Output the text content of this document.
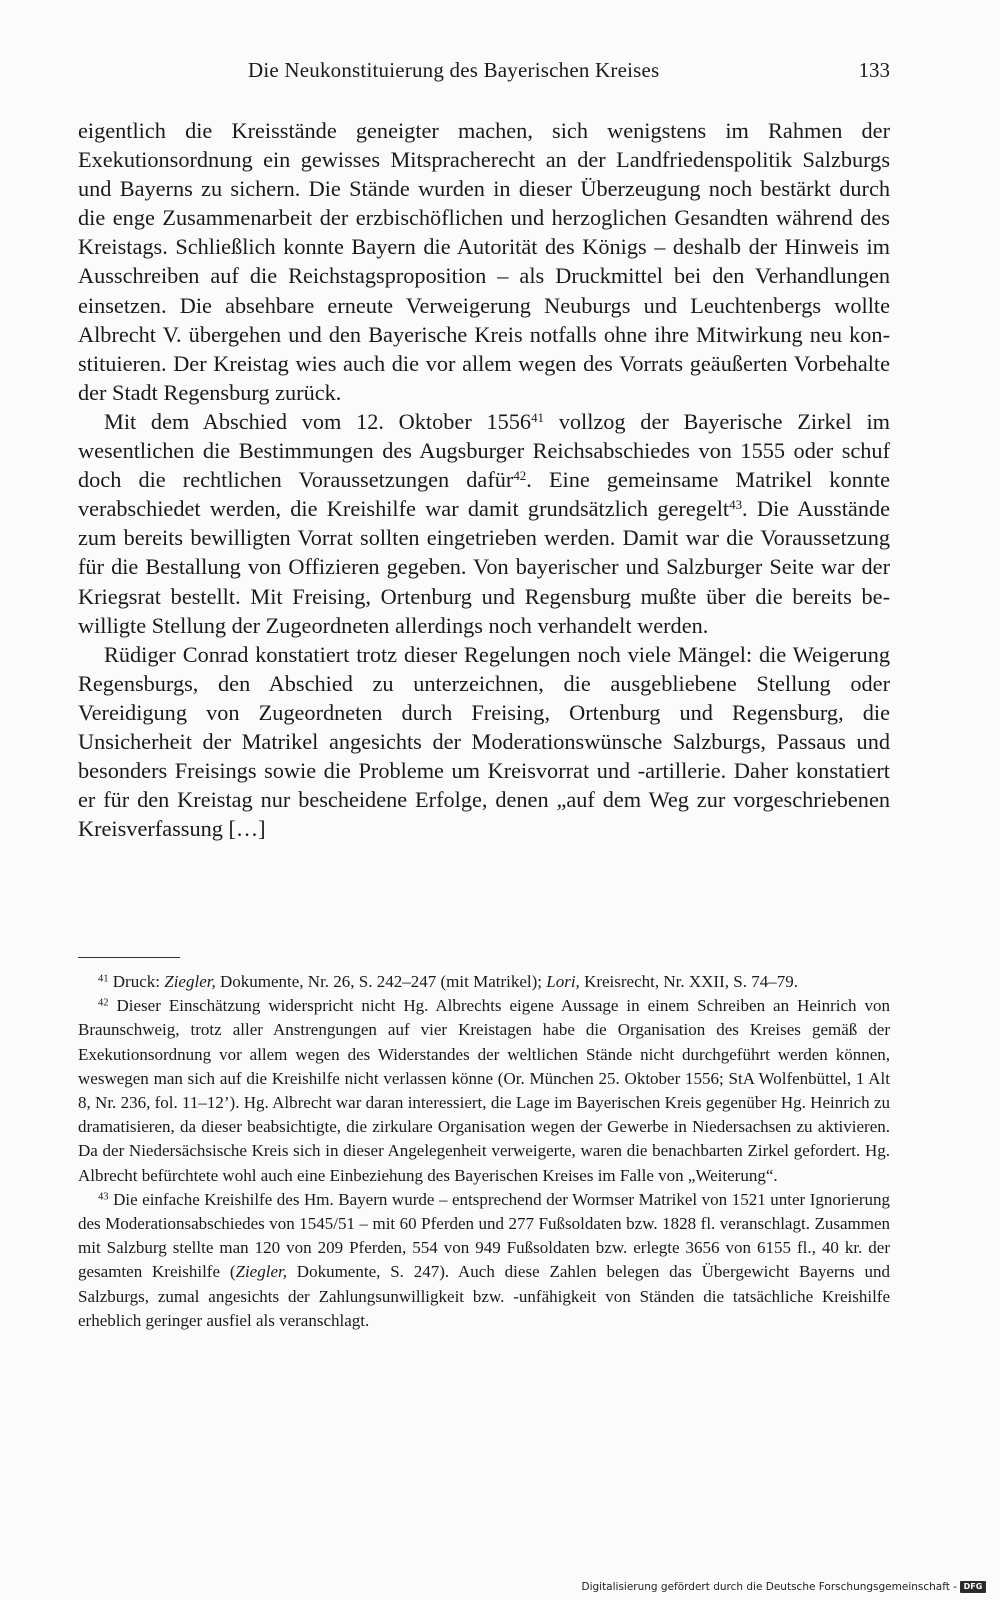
Die Neukonstituierung des Bayerischen Kreises	133

eigentlich die Kreisstände geneigter machen, sich wenigstens im Rahmen der Exekutionsordnung ein gewisses Mitspracherecht an der Landfriedenspolitik Salzburgs und Bayerns zu sichern. Die Stände wurden in dieser Überzeugung noch bestärkt durch die enge Zusammenarbeit der erzbischöflichen und herzoglichen Gesandten während des Kreistags. Schließlich konnte Bayern die Autorität des Königs – deshalb der Hinweis im Ausschreiben auf die Reichstagsproposition – als Druckmittel bei den Verhandlungen einsetzen. Die absehbare erneute Verweigerung Neuburgs und Leuchtenbergs wollte Albrecht V. übergehen und den Bayerische Kreis notfalls ohne ihre Mitwirkung neu konstituieren. Der Kreistag wies auch die vor allem wegen des Vorrats geäußerten Vorbehalte der Stadt Regensburg zurück.

Mit dem Abschied vom 12. Oktober 1556$^{41}$ vollzog der Bayerische Zirkel im wesentlichen die Bestimmungen des Augsburger Reichsabschiedes von 1555 oder schuf doch die rechtlichen Voraussetzungen dafür$^{42}$. Eine gemeinsame Matrikel konnte verabschiedet werden, die Kreishilfe war damit grundsätzlich geregelt$^{43}$. Die Ausstände zum bereits bewilligten Vorrat sollten eingetrieben werden. Damit war die Voraussetzung für die Bestallung von Offizieren gegeben. Von bayerischer und Salzburger Seite war der Kriegsrat bestellt. Mit Freising, Ortenburg und Regensburg mußte über die bereits bewilligte Stellung der Zugeordneten allerdings noch verhandelt werden.

Rüdiger Conrad konstatiert trotz dieser Regelungen noch viele Mängel: die Weigerung Regensburgs, den Abschied zu unterzeichnen, die ausgebliebene Stellung oder Vereidigung von Zugeordneten durch Freising, Ortenburg und Regensburg, die Unsicherheit der Matrikel angesichts der Moderationswünsche Salzburgs, Passaus und besonders Freisings sowie die Probleme um Kreisvorrat und -artillerie. Daher konstatiert er für den Kreistag nur bescheidene Erfolge, denen „auf dem Weg zur vorgeschriebenen Kreisverfassung […]

$^{41}$ Druck: Ziegler, Dokumente, Nr. 26, S. 242–247 (mit Matrikel); Lori, Kreisrecht, Nr. XXII, S. 74–79.

$^{42}$ Dieser Einschätzung widerspricht nicht Hg. Albrechts eigene Aussage in einem Schreiben an Heinrich von Braunschweig, trotz aller Anstrengungen auf vier Kreistagen habe die Organisation des Kreises gemäß der Exekutionsordnung vor allem wegen des Widerstandes der weltlichen Stände nicht durchgeführt werden können, weswegen man sich auf die Kreishilfe nicht verlassen könne (Or. München 25. Oktober 1556; StA Wolfenbüttel, 1 Alt 8, Nr. 236, fol. 11–12’). Hg. Albrecht war daran interessiert, die Lage im Bayerischen Kreis gegenüber Hg. Heinrich zu dramatisieren, da dieser beabsichtigte, die zirkulare Organisation wegen der Gewerbe in Niedersachsen zu aktivieren. Da der Niedersächsische Kreis sich in dieser Angelegenheit verweigerte, waren die benachbarten Zirkel gefordert. Hg. Albrecht befürchtete wohl auch eine Einbeziehung des Bayerischen Kreises im Falle von „Weiterung“.

$^{43}$ Die einfache Kreishilfe des Hm. Bayern wurde – entsprechend der Wormser Matrikel von 1521 unter Ignorierung des Moderationsabschiedes von 1545/51 – mit 60 Pferden und 277 Fußsoldaten bzw. 1828 fl. veranschlagt. Zusammen mit Salzburg stellte man 120 von 209 Pferden, 554 von 949 Fußsoldaten bzw. erlegte 3656 von 6155 fl., 40 kr. der gesamten Kreishilfe (Ziegler, Dokumente, S. 247). Auch diese Zahlen belegen das Übergewicht Bayerns und Salzburgs, zumal angesichts der Zahlungsunwilligkeit bzw. -unfähigkeit von Ständen die tatsächliche Kreishilfe erheblich geringer ausfiel als veranschlagt.

Digitalisierung gefördert durch die Deutsche Forschungsgemeinschaft - DFG
